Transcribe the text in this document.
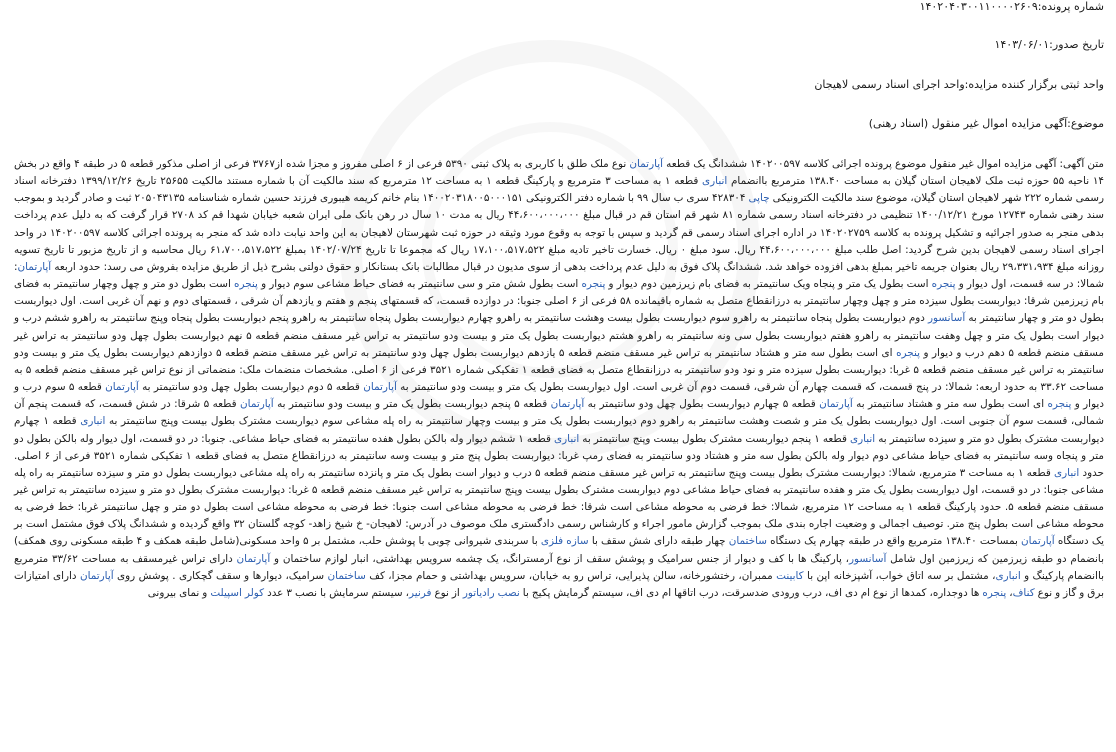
شماره پرونده:۱۴۰۲۰۴۰۳۰۰۱۱۰۰۰۰۲۶۰۹

تاریخ صدور:۱۴۰۳/۰۶/۰۱

واحد ثبتی برگزار کننده مزایده:واحد اجرای اسناد رسمی لاهیجان

موضوع:آگهی مزایده اموال غیر منقول (اسناد رهنی)

متن آگهی: آگهی مزایده اموال غیر منقول موضوع پرونده اجرائی کلاسه ۱۴۰۲۰۰۵۹۷ ششدانگ یک قطعه آپارتمان نوع ملک طلق با کاربری به پلاک ثبتی ۵۳۹۰ فرعی از ۶ اصلی مفروز و مجزا شده از۳۷۶۷ فرعی از اصلی مذکور قطعه ۵ در طبقه ۴ واقع در بخش ۱۴ ناحیه ۵۵ حوزه ثبت ملک لاهیجان استان گیلان به مساحت ۱۳۸.۴۰ مترمربع باانضمام انباری قطعه ۱ به مساحت ۳ مترمربع و پارکینگ قطعه ۱ به مساحت ۱۲ مترمربع که سند مالکیت آن با شماره مستند مالکیت ۲۵۶۵۵ تاریخ ۱۳۹۹/۱۲/۲۶ دفترخانه اسناد رسمی شماره ۲۲۲ شهر لاهیجان استان گیلان، موضوع سند مالکیت الکترونیکی چاپی ۴۲۸۳۰۴ سری ب سال ۹۹ با شماره دفتر الکترونیکی ۱۴۰۰۲۰۳۱۸۰۰۵۰۰۰۱۵۱ بنام خانم کریمه هیبوری فرزند حسین شماره شناسنامه ۲۰۵۰۴۳۱۳۵ ثبت و صادر گردید و بموجب سند رهنی شماره ۱۲۷۴۳ مورخ ۱۴۰۰/۱۲/۲۱ تنظیمی در دفترخانه اسناد رسمی شماره ۸۱ شهر قم استان قم در قبال مبلغ ۴۴،۶۰۰،۰۰۰،۰۰۰ ریال به مدت ۱۰ سال در رهن بانک ملی ایران شعبه خیابان شهدا قم کد ۲۷۰۸ قرار گرفت که به دلیل عدم پرداخت بدهی منجر به صدور اجرائیه و تشکیل پرونده به کلاسه ۱۴۰۲۰۲۷۵۹ در اداره اجرای اسناد رسمی قم گردید و سپس با توجه به وقوع مورد وثیقه در حوزه ثبت شهرستان لاهیجان به این واحد نیابت داده شد که منجر به پرونده اجرائی کلاسه ۱۴۰۲۰۰۵۹۷ در واحد اجرای اسناد رسمی لاهیجان بدین شرح گردید: اصل طلب مبلغ ۴۴،۶۰۰،۰۰۰،۰۰۰ ریال. سود مبلغ ۰ ریال. خسارت تاخیر تادیه مبلغ ۱۷،۱۰۰،۵۱۷،۵۲۲ ریال که مجموعا تا تاریخ ۱۴۰۲/۰۷/۲۴ بمبلغ ۶۱،۷۰۰،۵۱۷،۵۲۲ ریال محاسبه و از تاریخ مزبور تا تاریخ تسویه روزانه مبلغ ۲۹،۳۳۱،۹۳۴ ریال بعنوان جریمه تاخیر بمبلغ بدهی افزوده خواهد شد. ششدانگ پلاک فوق به دلیل عدم پرداخت بدهی از سوی مدیون در قبال مطالبات بانک بستانکار و حقوق دولتی بشرح ذیل از طریق مزایده بفروش می رسد: حدود اربعه آپارتمان: شمالا: در سه قسمت، اول دیوار و پنجره است بطول یک متر و پنجاه ویک سانتیمتر به فضای بام زیرزمین دوم دیوار و پنجره است بطول شش متر و سی سانتیمتر به فضای حیاط مشاعی سوم دیوار و پنجره است بطول دو متر و چهل وچهار سانتیمتر به فضای بام زیرزمین شرقا: دیواربست بطول سیزده متر و چهل وچهار سانتیمتر به درزانقطاع متصل به شماره باقیمانده ۵۸ فرعی از ۶ اصلی جنوبا: در دوازده قسمت، که قسمتهای پنجم و هفتم و یازدهم آن شرقی ، قسمتهای دوم و نهم آن غربی است. اول دیواربست بطول دو متر و چهار سانتیمتر به آسانسور دوم دیواربست بطول پنجاه سانتیمتر به راهرو سوم دیواربست بطول بیست وهشت سانتیمتر به راهرو چهارم دیواربست بطول پنجاه سانتیمتر به راهرو پنجم دیواربست بطول پنجاه وپنج سانتیمتر به راهرو ششم درب و دیوار است بطول یک متر و چهل وهفت سانتیمتر به راهرو هفتم دیواربست بطول سی ونه سانتیمتر به راهرو هشتم دیواربست بطول یک متر و بیست ودو سانتیمتر به تراس غیر مسقف منضم قطعه ۵ نهم دیواربست بطول چهل ودو سانتیمتر به تراس غیر مسقف منضم قطعه ۵ دهم درب و دیوار و پنجره ای است بطول سه متر و هشتاد سانتیمتر به تراس غیر مسقف منضم قطعه ۵ یازدهم دیواربست بطول چهل ودو سانتیمتر به تراس غیر مسقف منضم قطعه ۵ دوازدهم دیواربست بطول یک متر و بیست ودو سانتیمتر به تراس غیر مسقف منضم قطعه ۵ غربا: دیواربست بطول سیزده متر و نود ودو سانتیمتر به درزانقطاع متصل به فضای قطعه ۱ تفکیکی شماره ۳۵۲۱ فرعی از ۶ اصلی. مشخصات منضمات ملک: منضماتی از نوع تراس غیر مسقف منضم قطعه ۵ به مساحت ۳۳.۶۲ به حدود اربعه: شمالا: در پنج قسمت، که قسمت چهارم آن شرقی، قسمت دوم آن غربی است. اول دیواربست بطول یک متر و بیست ودو سانتیمتر به آپارتمان قطعه ۵ دوم دیواربست بطول چهل ودو سانتیمتر به آپارتمان قطعه ۵ سوم درب و دیوار و پنجره ای است بطول سه متر و هشتاد سانتیمتر به آپارتمان قطعه ۵ چهارم دیواربست بطول چهل ودو سانتیمتر به آپارتمان قطعه ۵ پنجم دیواربست بطول یک متر و بیست ودو سانتیمتر به آپارتمان قطعه ۵ شرقا: در شش قسمت، که قسمت پنجم آن شمالی، قسمت سوم آن جنوبی است. اول دیواربست بطول یک متر و شصت وهشت سانتیمتر به راهرو دوم دیواربست بطول یک متر و بیست وچهار سانتیمتر به راه پله مشاعی سوم دیواربست مشترک بطول بیست وپنج سانتیمتر به انباری قطعه ۱ چهارم دیواربست مشترک بطول دو متر و سیزده سانتیمتر به انباری قطعه ۱ پنجم دیواربست مشترک بطول بیست وپنج سانتیمتر به انباری قطعه ۱ ششم دیوار وله بالکن بطول هفده سانتیمتر به فضای حیاط مشاعی. جنوبا: در دو قسمت، اول دیوار وله بالکن بطول دو متر و پنجاه وسه سانتیمتر به فضای حیاط مشاعی دوم دیوار وله بالکن بطول سه متر و هشتاد ودو سانتیمتر به فضای رمپ غربا: دیواربست بطول پنج متر و بیست وسه سانتیمتر به درزانقطاع متصل به فضای قطعه ۱ تفکیکی شماره ۳۵۲۱ فرعی از ۶ اصلی. حدود انباری قطعه ۱ به مساحت ۳ مترمربع، شمالا: دیواربست مشترک بطول بیست وپنج سانتیمتر به تراس غیر مسقف منضم قطعه ۵ درب و دیوار است بطول یک متر و پانزده سانتیمتر به راه پله مشاعی دیواربست بطول دو متر و سیزده سانتیمتر به راه پله مشاعی جنوبا: در دو قسمت، اول دیواربست بطول یک متر و هفده سانتیمتر به فضای حیاط مشاعی دوم دیواربست مشترک بطول بیست وپنج سانتیمتر به تراس غیر مسقف منضم قطعه ۵ غربا: دیواربست مشترک بطول دو متر و سیزده سانتیمتر به تراس غیر مسقف منضم قطعه ۵. حدود پارکینگ قطعه ۱ به مساحت ۱۲ مترمربع، شمالا: خط فرضی به محوطه مشاعی است شرقا: خط فرضی به محوطه مشاعی است جنوبا: خط فرضی به محوطه مشاعی است بطول دو متر و چهل سانتیمتر غربا: خط فرضی به محوطه مشاعی است بطول پنج متر. توصیف اجمالی و وضعیت اجاره بندی ملک بموجب گزارش مامور اجراء و کارشناس رسمی دادگستری ملک موصوف در آدرس: لاهیجان- خ شیخ زاهد- کوچه گلستان ۳۲ واقع گردیده و ششدانگ پلاک فوق مشتمل است بر یک دستگاه آپارتمان بمساحت ۱۳۸.۴۰ مترمربع واقع در طبقه چهارم یک دستگاه ساختمان چهار طبقه دارای شش سقف با سازه فلزی با سربندی شیروانی چوبی با پوشش حلب، مشتمل بر ۵ واحد مسکونی(شامل طبقه همکف و ۴ طبقه مسکونی روی همکف) بانضمام دو طبقه زیرزمین که زیرزمین اول شامل آسانسور، پارکینگ ها با کف و دیوار از جنس سرامیک و پوشش سقف از نوع آرمسترانگ، یک چشمه سرویس بهداشتی، انبار لوازم ساختمان و آپارتمان دارای تراس غیرمسقف به مساحت ۳۳/۶۲ مترمربع باانضمام پارکینگ و انباری، مشتمل بر سه اتاق خواب، آشپزخانه اپن با کابینت ممبران، رختشورخانه، سالن پذیرایی، تراس رو به خیابان، سرویس بهداشتی و حمام مجزا، کف ساختمان سرامیک، دیوارها و سقف گچکاری . پوشش روی آپارتمان دارای امتیازات برق و گاز و نوع کناف، پنجره ها دوجداره، کمدها از نوع ام دی اف، درب ورودی ضدسرقت، درب اتاقها ام دی اف، سیستم گرمایش پکیج با نصب رادیاتور از نوع فرنیر، سیستم سرمایش با نصب ۳ عدد کولر اسپیلت و نمای بیرونی
